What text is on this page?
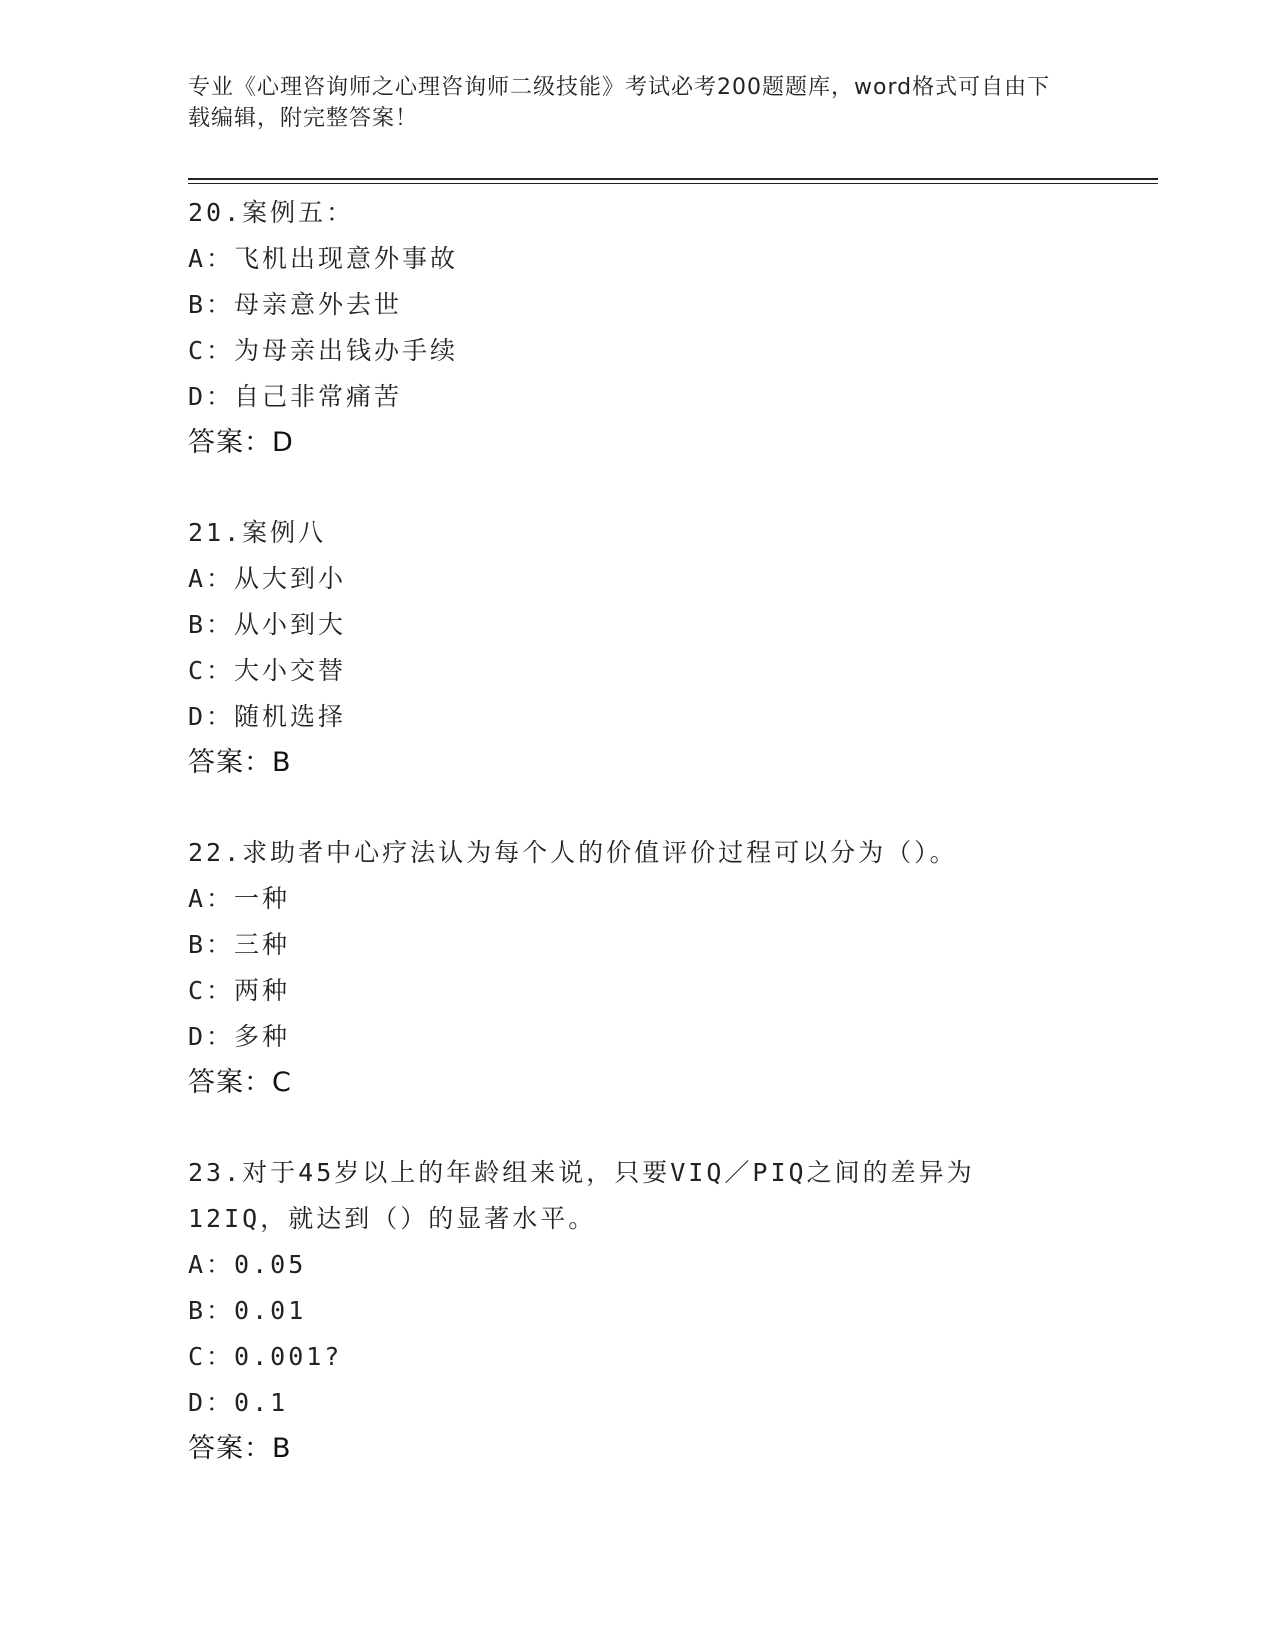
专业《心理咨询师之心理咨询师二级技能》考试必考200题题库，word格式可自由下载编辑，附完整答案！
20.案例五：
A：飞机出现意外事故
B：母亲意外去世
C：为母亲出钱办手续
D：自己非常痛苦
答案：D
21.案例八
A：从大到小
B：从小到大
C：大小交替
D：随机选择
答案：B
22.求助者中心疗法认为每个人的价值评价过程可以分为（）。
A：一种
B：三种
C：两种
D：多种
答案：C
23.对于45岁以上的年龄组来说，只要VIQ／PIQ之间的差异为12IQ，就达到（）的显著水平。
A：0.05
B：0.01
C：0.001?
D：0.1
答案：B
